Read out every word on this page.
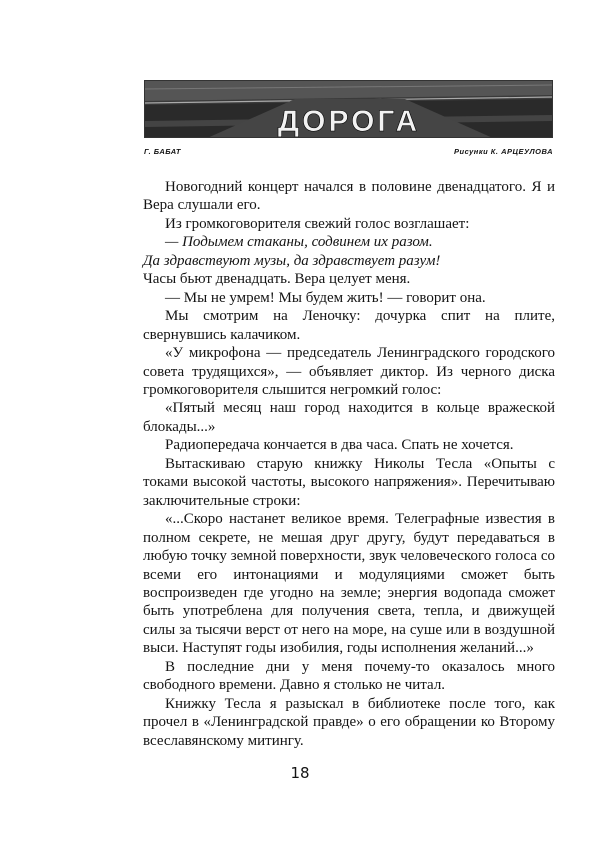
ДОРОГА
Г. БАБАТ	Рисунки К. АРЦЕУЛОВА

Новогодний концерт начался в половине двенадцатого. Я и Вера слушали его.

Из громкоговорителя свежий голос возглашает:

— Подымем стаканы, содвинем их разом.

Да здравствуют музы, да здравствует разум!

Часы бьют двенадцать. Вера целует меня.

— Мы не умрем! Мы будем жить! — говорит она.

Мы смотрим на Леночку: дочурка спит на плите, свернувшись калачиком.

«У микрофона — председатель Ленинградского городского совета трудящихся», — объявляет диктор. Из черного диска громкоговорителя слышится негромкий голос:

«Пятый месяц наш город находится в кольце вражеской блокады...»

Радиопередача кончается в два часа. Спать не хочется.

Вытаскиваю старую книжку Николы Тесла «Опыты с токами высокой частоты, высокого напряжения». Перечитываю заключительные строки:

«...Скоро настанет великое время. Телеграфные известия в полном секрете, не мешая друг другу, будут передаваться в любую точку земной поверхности, звук человеческого голоса со всеми его интонациями и модуляциями сможет быть воспроизведен где угодно на земле; энергия водопада сможет быть употреблена для получения света, тепла, и движущей силы за тысячи верст от него на море, на суше или в воздушной выси. Наступят годы изобилия, годы исполнения желаний...»

В последние дни у меня почему-то оказалось много свободного времени. Давно я столько не читал.

Книжку Тесла я разыскал в библиотеке после того, как прочел в «Ленинградской правде» о его обращении ко Второму всеславянскому митингу.

18
